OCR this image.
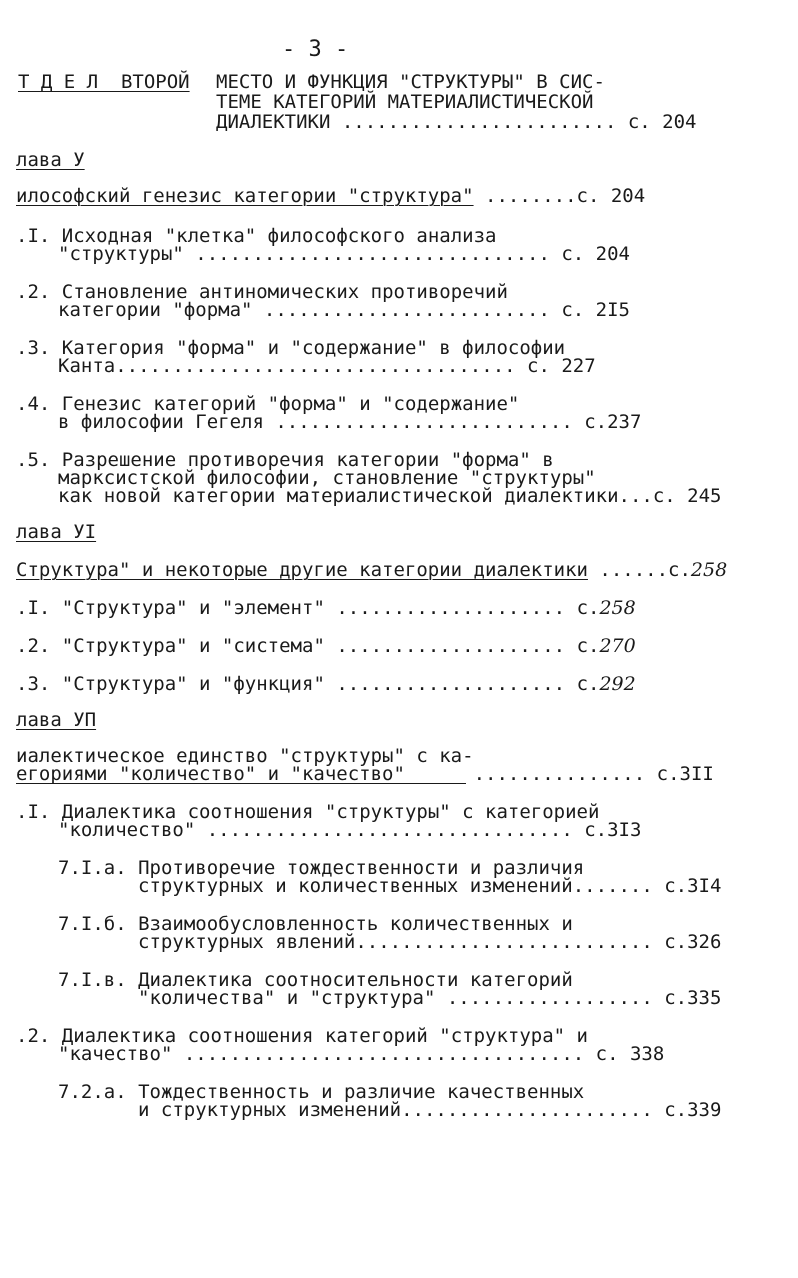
- 3 -
Т Д Е Л  ВТОРОЙ МЕСТО И ФУНКЦИЯ "СТРУКТУРЫ" В СИС-
ТЕМЕ КАТЕГОРИЙ МАТЕРИАЛИСТИЧЕСКОЙ
ДИАЛЕКТИКИ ........................ с. 204
лава У
илософский генезис категории "структура" ........с. 204
.I. Исходная "клетка" философского анализа
"структуры" ............................... с. 204
.2. Становление антиномических противоречий
категории "форма" ......................... с. 2I5
.3. Категория "форма" и "содержание" в философии
Канта................................... с. 227
.4. Генезис категорий "форма" и "содержание"
в философии Гегеля .......................... с.237
.5. Разрешение противоречия категории "форма" в
марксистской философии, становление "структуры"
как новой категории материалистической диалектики...с. 245
лава УI
Структура" и некоторые другие категории диалектики ......с.258
.I. "Структура" и "элемент" .................... с.258
.2. "Структура" и "система" .................... с.270
.3. "Структура" и "функция" .................... с.292
лава УП
иалектическое единство "структуры" с ка-
егориями "количество" и "качество"	............... с.3II
.I. Диалектика соотношения "структуры" с категорией
"количество" ................................ с.3I3
7.I.а. Противоречие тождественности и различия
структурных и количественных изменений....... с.3I4
7.I.б. Взаимообусловленность количественных и
структурных явлений.......................... с.326
7.I.в. Диалектика соотносительности категорий
"количества" и "структура" .................. с.335
.2. Диалектика соотношения категорий "структура" и
"качество" ................................... с. 338
7.2.а. Тождественность и различие качественных
и структурных изменений...................... с.339
